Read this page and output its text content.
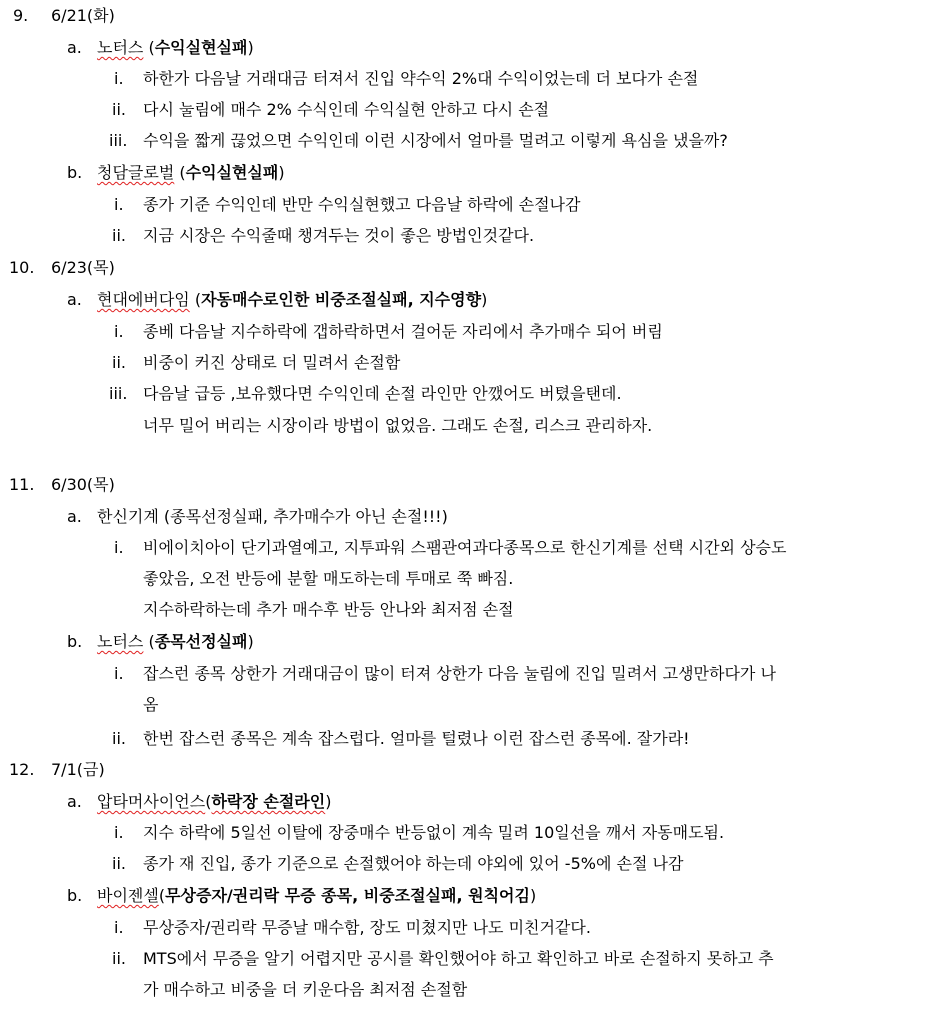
9. 6/21(화)
a. 노터스 (수익실현실패)
i. 하한가 다음날 거래대금 터져서 진입 약수익 2%대 수익이었는데 더 보다가 손절
ii. 다시 눌림에 매수 2% 수식인데 수익실현 안하고 다시 손절
iii. 수익을 짧게 끊었으면 수익인데 이런 시장에서 얼마를 멀려고 이렇게 욕심을 냈을까?
b. 청담글로벌 (수익실현실패)
i. 종가 기준 수익인데 반만 수익실현했고 다음날 하락에 손절나감
ii. 지금 시장은 수익줄때 챙겨두는 것이 좋은 방법인것같다.
10. 6/23(목)
a. 현대에버다임 (자동매수로인한 비중조절실패, 지수영향)
i. 종베 다음날 지수하락에 갭하락하면서 걸어둔 자리에서 추가매수 되어 버림
ii. 비중이 커진 상태로 더 밀려서 손절함
iii. 다음날 급등 ,보유했다면 수익인데 손절 라인만 안깼어도 버텼을탠데.
너무 밀어 버리는 시장이라 방법이 없었음. 그래도 손절, 리스크 관리하자.
11. 6/30(목)
a. 한신기계 (종목선정실패, 추가매수가 아닌 손절!!!)
i. 비에이치아이 단기과열예고, 지투파워 스팸관여과다종목으로 한신기계를 선택 시간외 상승도
좋았음, 오전 반등에 분할 매도하는데 투매로 쭉 빠짐.
지수하락하는데 추가 매수후 반등 안나와 최저점 손절
b. 노터스 (종목선정실패)
i. 잡스런 종목 상한가 거래대금이 많이 터져 상한가 다음 눌림에 진입 밀려서 고생만하다가 나
옴
ii. 한번 잡스런 종목은 계속 잡스럽다. 얼마를 털렸나 이런 잡스런 종목에. 잘가라!
12. 7/1(금)
a. 압타머사이언스(하락장 손절라인)
i. 지수 하락에 5일선 이탈에 장중매수 반등없이 계속 밀려 10일선을 깨서 자동매도됨.
ii. 종가 재 진입, 종가 기준으로 손절했어야 하는데 야외에 있어 -5%에 손절 나감
b. 바이젠셀(무상증자/권리락 무증 종목, 비중조절실패, 원칙어김)
i. 무상증자/권리락 무증날 매수함, 장도 미쳤지만 나도 미친거같다.
ii. MTS에서 무증을 알기 어렵지만 공시를 확인했어야 하고 확인하고 바로 손절하지 못하고 추
가 매수하고 비중을 더 키운다음 최저점 손절함
